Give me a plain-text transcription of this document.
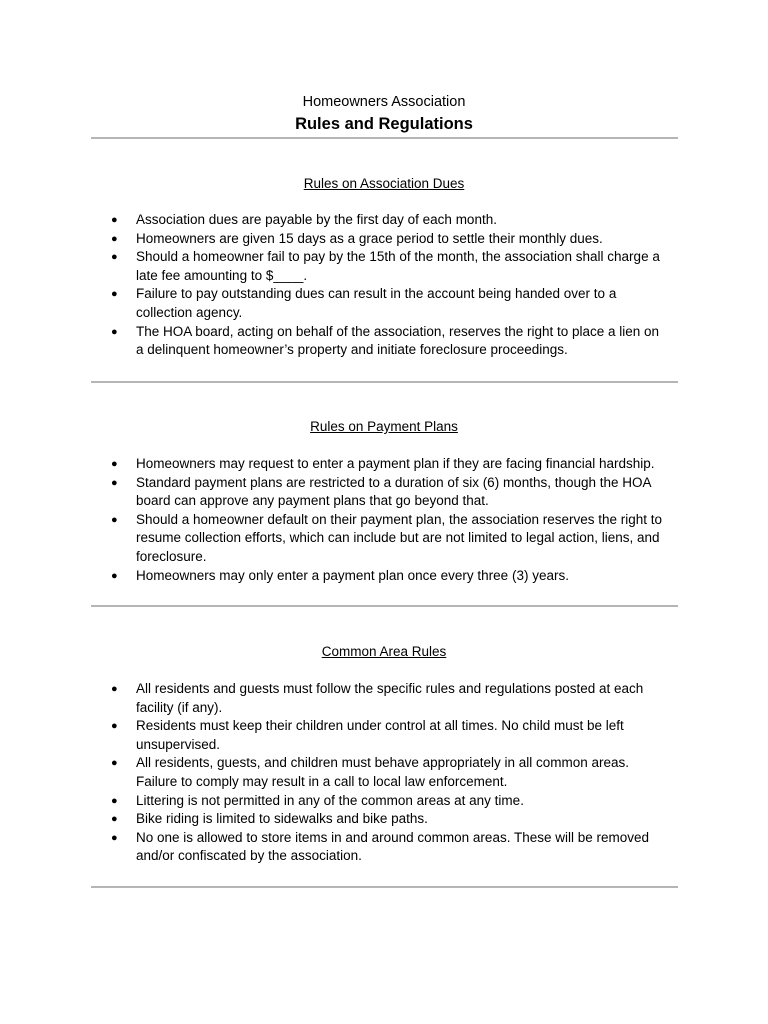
Homeowners Association
Rules and Regulations
Rules on Association Dues
● Association dues are payable by the first day of each month.
● Homeowners are given 15 days as a grace period to settle their monthly dues.
● Should a homeowner fail to pay by the 15th of the month, the association shall charge a
late fee amounting to $____.
● Failure to pay outstanding dues can result in the account being handed over to a
collection agency.
● The HOA board, acting on behalf of the association, reserves the right to place a lien on
a delinquent homeowner’s property and initiate foreclosure proceedings.
Rules on Payment Plans
● Homeowners may request to enter a payment plan if they are facing financial hardship.
● Standard payment plans are restricted to a duration of six (6) months, though the HOA
board can approve any payment plans that go beyond that.
● Should a homeowner default on their payment plan, the association reserves the right to
resume collection efforts, which can include but are not limited to legal action, liens, and
foreclosure.
● Homeowners may only enter a payment plan once every three (3) years.
Common Area Rules
● All residents and guests must follow the specific rules and regulations posted at each
facility (if any).
● Residents must keep their children under control at all times. No child must be left
unsupervised.
● All residents, guests, and children must behave appropriately in all common areas.
Failure to comply may result in a call to local law enforcement.
● Littering is not permitted in any of the common areas at any time.
● Bike riding is limited to sidewalks and bike paths.
● No one is allowed to store items in and around common areas. These will be removed
and/or confiscated by the association.
